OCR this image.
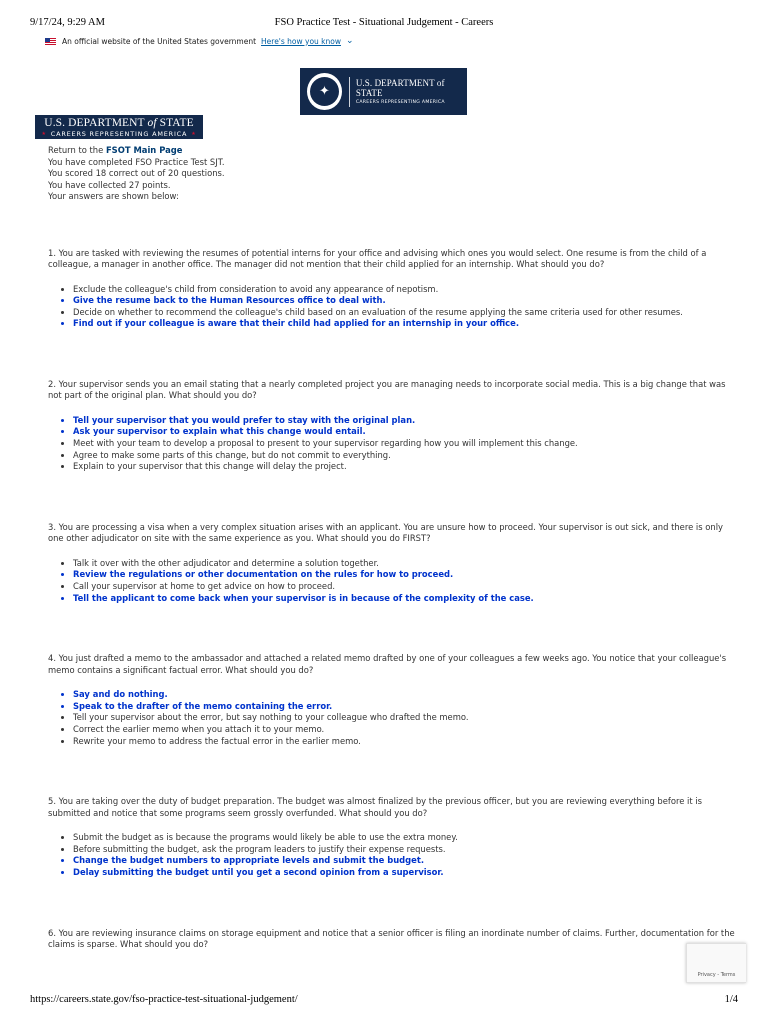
9/17/24, 9:29 AM	FSO Practice Test - Situational Judgement - Careers
An official website of the United States government Here's how you know ⌄
✦
U.S. DEPARTMENT of STATE
CAREERS REPRESENTING AMERICA
U.S. DEPARTMENT of STATE
★ CAREERS REPRESENTING AMERICA ★

Return to the FSOT Main Page

You have completed FSO Practice Test SJT.

You scored 18 correct out of 20 questions.

You have collected 27 points.

Your answers are shown below:

1. You are tasked with reviewing the resumes of potential interns for your office and advising which ones you would select. One resume is from the child of a colleague, a manager in another office. The manager did not mention that their child applied for an internship. What should you do?

• Exclude the colleague's child from consideration to avoid any appearance of nepotism.
• Give the resume back to the Human Resources office to deal with.
• Decide on whether to recommend the colleague's child based on an evaluation of the resume applying the same criteria used for other resumes.
• Find out if your colleague is aware that their child had applied for an internship in your office.

2. Your supervisor sends you an email stating that a nearly completed project you are managing needs to incorporate social media. This is a big change that was not part of the original plan. What should you do?

• Tell your supervisor that you would prefer to stay with the original plan.
• Ask your supervisor to explain what this change would entail.
• Meet with your team to develop a proposal to present to your supervisor regarding how you will implement this change.
• Agree to make some parts of this change, but do not commit to everything.
• Explain to your supervisor that this change will delay the project.

3. You are processing a visa when a very complex situation arises with an applicant. You are unsure how to proceed. Your supervisor is out sick, and there is only one other adjudicator on site with the same experience as you. What should you do FIRST?

• Talk it over with the other adjudicator and determine a solution together.
• Review the regulations or other documentation on the rules for how to proceed.
• Call your supervisor at home to get advice on how to proceed.
• Tell the applicant to come back when your supervisor is in because of the complexity of the case.

4. You just drafted a memo to the ambassador and attached a related memo drafted by one of your colleagues a few weeks ago. You notice that your colleague's memo contains a significant factual error. What should you do?

• Say and do nothing.
• Speak to the drafter of the memo containing the error.
• Tell your supervisor about the error, but say nothing to your colleague who drafted the memo.
• Correct the earlier memo when you attach it to your memo.
• Rewrite your memo to address the factual error in the earlier memo.

5. You are taking over the duty of budget preparation. The budget was almost finalized by the previous officer, but you are reviewing everything before it is submitted and notice that some programs seem grossly overfunded. What should you do?

• Submit the budget as is because the programs would likely be able to use the extra money.
• Before submitting the budget, ask the program leaders to justify their expense requests.
• Change the budget numbers to appropriate levels and submit the budget.
• Delay submitting the budget until you get a second opinion from a supervisor.

6. You are reviewing insurance claims on storage equipment and notice that a senior officer is filing an inordinate number of claims. Further, documentation for the claims is sparse. What should you do?

Privacy - Terms
https://careers.state.gov/fso-practice-test-situational-judgement/	1/4
